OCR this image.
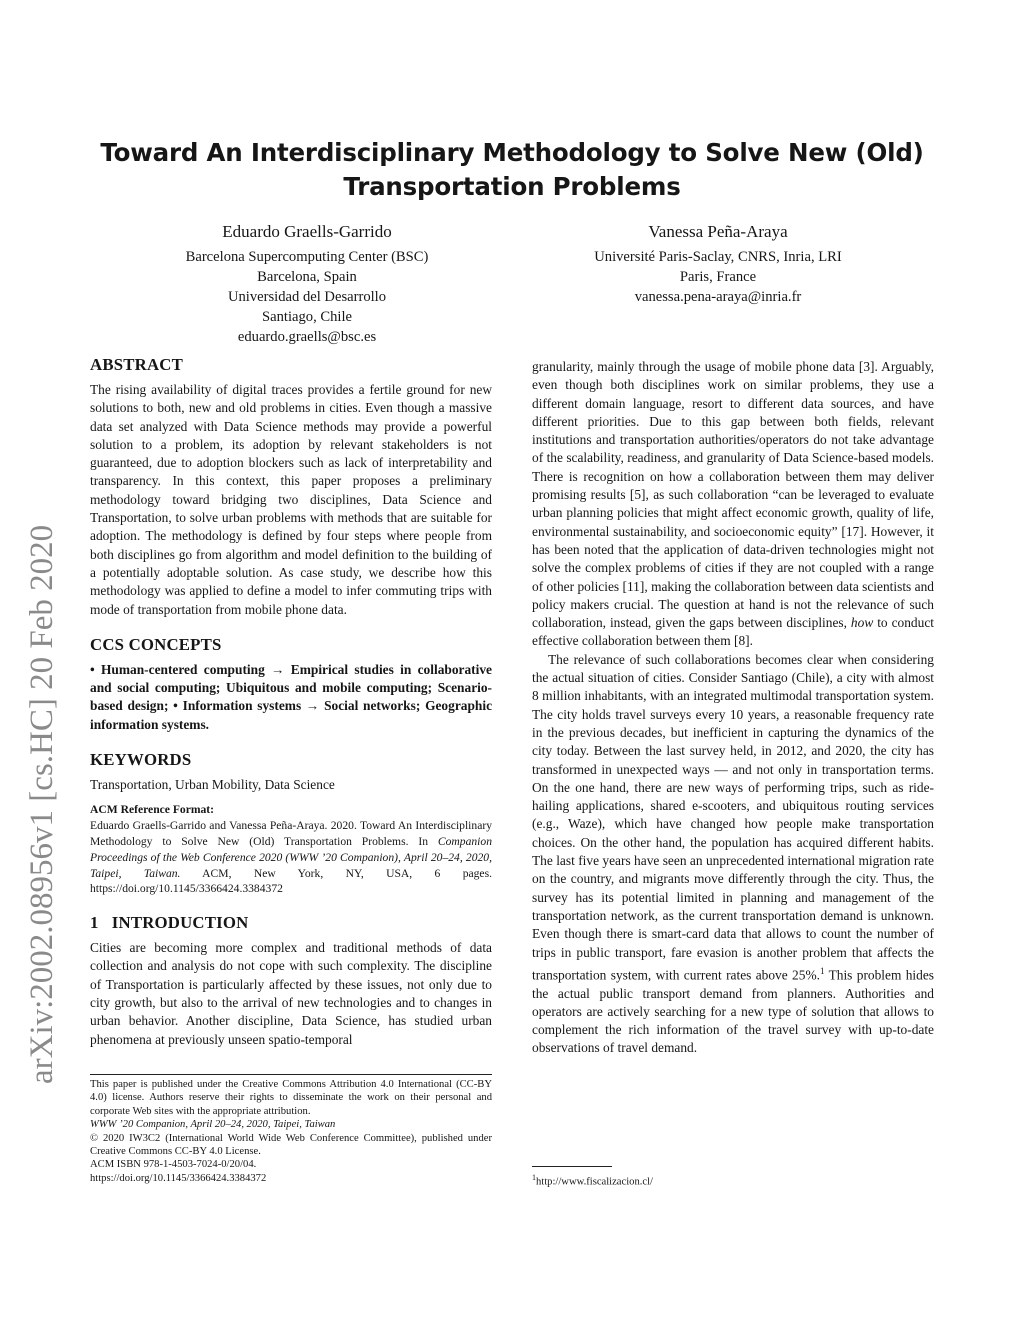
arXiv:2002.08956v1 [cs.HC] 20 Feb 2020
Toward An Interdisciplinary Methodology to Solve New (Old)
Transportation Problems
Eduardo Graells-Garrido
Barcelona Supercomputing Center (BSC)
Barcelona, Spain
Universidad del Desarrollo
Santiago, Chile
eduardo.graells@bsc.es
Vanessa Peña-Araya
Université Paris-Saclay, CNRS, Inria, LRI
Paris, France
vanessa.pena-araya@inria.fr
ABSTRACT

The rising availability of digital traces provides a fertile ground for new solutions to both, new and old problems in cities. Even though a massive data set analyzed with Data Science methods may provide a powerful solution to a problem, its adoption by relevant stakeholders is not guaranteed, due to adoption blockers such as lack of interpretability and transparency. In this context, this paper proposes a preliminary methodology toward bridging two disciplines, Data Science and Transportation, to solve urban problems with methods that are suitable for adoption. The methodology is defined by four steps where people from both disciplines go from algorithm and model definition to the building of a potentially adoptable solution. As case study, we describe how this methodology was applied to define a model to infer commuting trips with mode of transportation from mobile phone data.

CCS CONCEPTS

• Human-centered computing → Empirical studies in collaborative and social computing; Ubiquitous and mobile computing; Scenario-based design; • Information systems → Social networks; Geographic information systems.

KEYWORDS

Transportation, Urban Mobility, Data Science

ACM Reference Format:
Eduardo Graells-Garrido and Vanessa Peña-Araya. 2020. Toward An Interdisciplinary Methodology to Solve New (Old) Transportation Problems. In Companion Proceedings of the Web Conference 2020 (WWW ’20 Companion), April 20–24, 2020, Taipei, Taiwan. ACM, New York, NY, USA, 6 pages. https://doi.org/10.1145/3366424.3384372
1   INTRODUCTION

Cities are becoming more complex and traditional methods of data collection and analysis do not cope with such complexity. The discipline of Transportation is particularly affected by these issues, not only due to city growth, but also to the arrival of new technologies and to changes in urban behavior. Another discipline, Data Science, has studied urban phenomena at previously unseen spatio-temporal

This paper is published under the Creative Commons Attribution 4.0 International (CC-BY 4.0) license. Authors reserve their rights to disseminate the work on their personal and corporate Web sites with the appropriate attribution.
WWW ’20 Companion, April 20–24, 2020, Taipei, Taiwan
© 2020 IW3C2 (International World Wide Web Conference Committee), published under Creative Commons CC-BY 4.0 License.
ACM ISBN 978-1-4503-7024-0/20/04.
https://doi.org/10.1145/3366424.3384372

granularity, mainly through the usage of mobile phone data [3]. Arguably, even though both disciplines work on similar problems, they use a different domain language, resort to different data sources, and have different priorities. Due to this gap between both fields, relevant institutions and transportation authorities/operators do not take advantage of the scalability, readiness, and granularity of Data Science-based models. There is recognition on how a collaboration between them may deliver promising results [5], as such collaboration “can be leveraged to evaluate urban planning policies that might affect economic growth, quality of life, environmental sustainability, and socioeconomic equity” [17]. However, it has been noted that the application of data-driven technologies might not solve the complex problems of cities if they are not coupled with a range of other policies [11], making the collaboration between data scientists and policy makers crucial. The question at hand is not the relevance of such collaboration, instead, given the gaps between disciplines, how to conduct effective collaboration between them [8].

The relevance of such collaborations becomes clear when considering the actual situation of cities. Consider Santiago (Chile), a city with almost 8 million inhabitants, with an integrated multimodal transportation system. The city holds travel surveys every 10 years, a reasonable frequency rate in the previous decades, but inefficient in capturing the dynamics of the city today. Between the last survey held, in 2012, and 2020, the city has transformed in unexpected ways — and not only in transportation terms. On the one hand, there are new ways of performing trips, such as ride-hailing applications, shared e-scooters, and ubiquitous routing services (e.g., Waze), which have changed how people make transportation choices. On the other hand, the population has acquired different habits. The last five years have seen an unprecedented international migration rate on the country, and migrants move differently through the city. Thus, the survey has its potential limited in planning and management of the transportation network, as the current transportation demand is unknown. Even though there is smart-card data that allows to count the number of trips in public transport, fare evasion is another problem that affects the transportation system, with current rates above 25%.$^1$ This problem hides the actual public transport demand from planners. Authorities and operators are actively searching for a new type of solution that allows to complement the rich information of the travel survey with up-to-date observations of travel demand.

$^1$http://www.fiscalizacion.cl/
